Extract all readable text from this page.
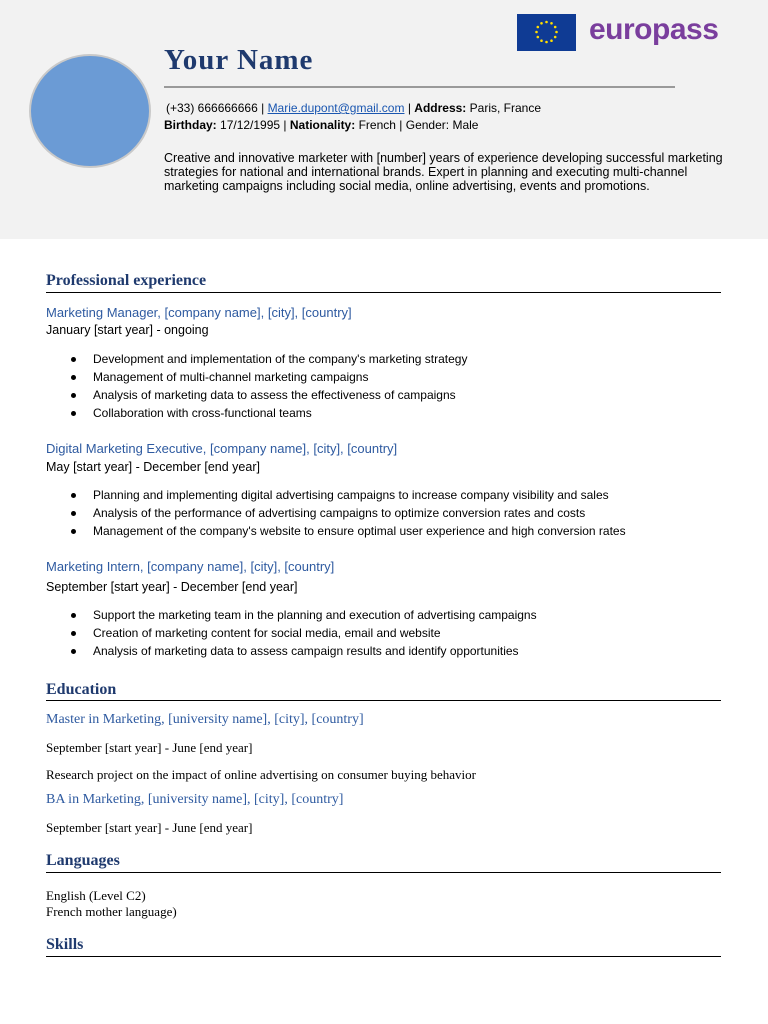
Your Name
europass
(+33) 666666666 | Marie.dupont@gmail.com | Address: Paris, France
Birthday: 17/12/1995 | Nationality: French | Gender: Male
Creative and innovative marketer with [number] years of experience developing successful marketing strategies for national and international brands. Expert in planning and executing multi-channel marketing campaigns including social media, online advertising, events and promotions.
Professional experience
Marketing Manager, [company name], [city], [country]
January [start year] - ongoing
Development and implementation of the company's marketing strategy
Management of multi-channel marketing campaigns
Analysis of marketing data to assess the effectiveness of campaigns
Collaboration with cross-functional teams
Digital Marketing Executive, [company name], [city], [country]
May [start year] - December [end year]
Planning and implementing digital advertising campaigns to increase company visibility and sales
Analysis of the performance of advertising campaigns to optimize conversion rates and costs
Management of the company's website to ensure optimal user experience and high conversion rates
Marketing Intern, [company name], [city], [country]
September [start year] - December [end year]
Support the marketing team in the planning and execution of advertising campaigns
Creation of marketing content for social media, email and website
Analysis of marketing data to assess campaign results and identify opportunities
Education
Master in Marketing, [university name], [city], [country]
September [start year] - June [end year]
Research project on the impact of online advertising on consumer buying behavior
BA in Marketing, [university name], [city], [country]
September [start year] - June [end year]
Languages
English (Level C2)
French mother language)
Skills
